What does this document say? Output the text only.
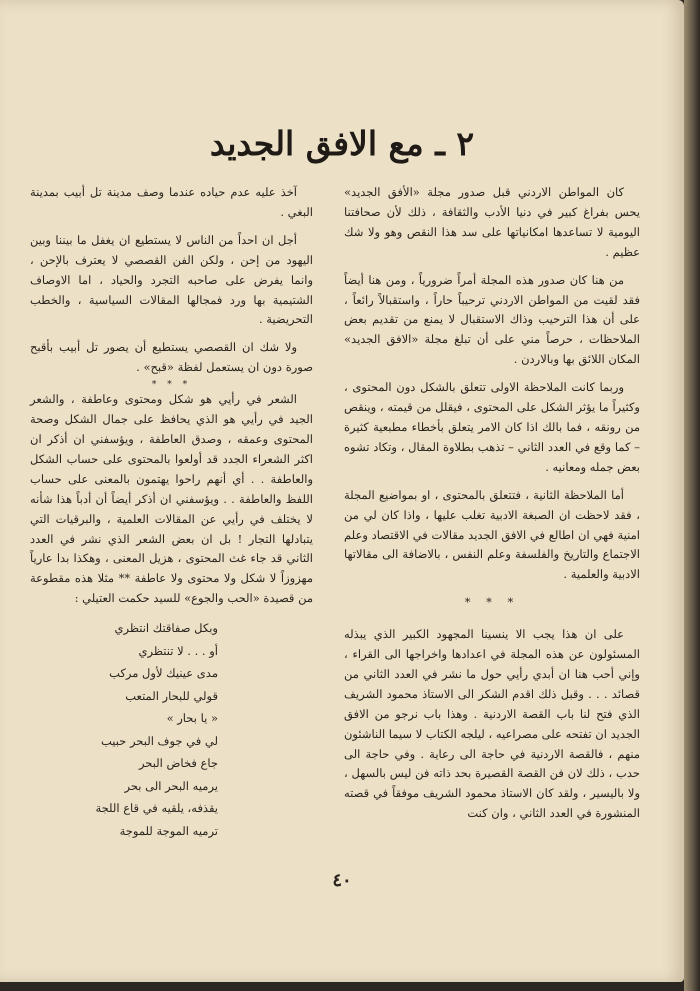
٢ ـ مع الافق الجديد

كان المواطن الاردني قبل صدور مجلة «الأفق الجديد» يحس بفراغ كبير في دنيا الأدب والثقافة ، ذلك لأن صحافتنا اليومية لا تساعدها امكانياتها على سد هذا النقص وهو ولا شك عظيم .

من هنا كان صدور هذه المجلة أمراً ضرورياً ، ومن هنا أيضاً فقد لقيت من المواطن الاردني ترحيباً حاراً ، واستقبالاً رائعاً ، على أن هذا الترحيب وذاك الاستقبال لا يمنع من تقديم بعض الملاحظات ، حرصاً مني على أن تبلغ مجلة «الافق الجديد» المكان اللائق بها وبالاردن .

وربما كانت الملاحظة الاولى تتعلق بالشكل دون المحتوى ، وكثيراً ما يؤثر الشكل على المحتوى ، فيقلل من قيمته ، وينقص من رونقه ، فما بالك اذا كان الامر يتعلق بأخطاء مطبعية كثيرة – كما وقع في العدد الثاني – تذهب بطلاوة المقال ، وتكاد تشوه بعض جمله ومعانيه .

أما الملاحظة الثانية ، فتتعلق بالمحتوى ، او بمواضيع المجلة ، فقد لاحظت ان الصبغة الادبية تغلب عليها ، واذا كان لي من امنية فهي ان اطالع في الافق الجديد مقالات في الاقتصاد وعلم الاجتماع والتاريخ والفلسفة وعلم النفس ، بالاضافة الى مقالاتها الادبية والعلمية .

* * *

على ان هذا يجب الا ينسينا المجهود الكبير الذي يبذله المسئولون عن هذه المجلة في اعدادها واخراجها الى القراء ، وإني أحب هنا ان أبدي رأيي حول ما نشر في العدد الثاني من قصائد . . . وقبل ذلك اقدم الشكر الى الاستاذ محمود الشريف الذي فتح لنا باب القصة الاردنية . وهذا باب نرجو من الافق الجديد ان تفتحه على مصراعيه ، ليلجه الكتاب لا سيما الناشئون منهم ، فالقصة الاردنية في حاجة الى رعاية . وفي حاجة الى حدب ، ذلك لان فن القصة القصيرة بحد ذاته فن ليس بالسهل ، ولا باليسير ، ولقد كان الاستاذ محمود الشريف موفقاً في قصته المنشورة في العدد الثاني ، وان كنت

آخذ عليه عدم حياده عندما وصف مدينة تل أبيب بمدينة البغي .

أجل ان احداً من الناس لا يستطيع ان يغفل ما بيننا وبين اليهود من إحن ، ولكن الفن القصصي لا يعترف بالإحن ، وانما يفرض على صاحبه التجرد والحياد ، اما الاوصاف الشتيمية بها ورد فمجالها المقالات السياسية ، والخطب التحريضية .

ولا شك ان القصصي يستطيع أن يصور تل أبيب بأقبح صورة دون ان يستعمل لفظة «قبح» .

* * *

الشعر في رأيي هو شكل ومحتوى وعاطفة ، والشعر الجيد في رأيي هو الذي يحافظ على جمال الشكل وصحة المحتوى وعمقه ، وصدق العاطفة ، ويؤسفني ان أذكر ان اكثر الشعراء الجدد قد أولعوا بالمحتوى على حساب الشكل والعاطفة . . أي أنهم راحوا يهتمون بالمعنى على حساب اللفظ والعاطفة . . ويؤسفني ان أذكر أيضاً أن أدباً هذا شأنه لا يختلف في رأيي عن المقالات العلمية ، والبرقيات التي يتبادلها التجار ! بل ان بعض الشعر الذي نشر في العدد الثاني قد جاء غث المحتوى ، هزيل المعنى ، وهكذا بدا عارياً مهزوزاً لا شكل ولا محتوى ولا عاطفة ** مثلا هذه مقطوعة من قصيدة «الحب والجوع» للسيد حكمت العتيلي :

وبكل صفاقتك انتظري
أو . . . لا تنتظري
مدى عينيك لأول مركب
قولي للبحار المتعب
« يا بحار »
لي في جوف البحر حبيب
جاع فخاض البحر
يرميه البحر الى بحر
يقذفه، يلقيه في قاع اللجة
ترميه الموجة للموجة
٤٠
